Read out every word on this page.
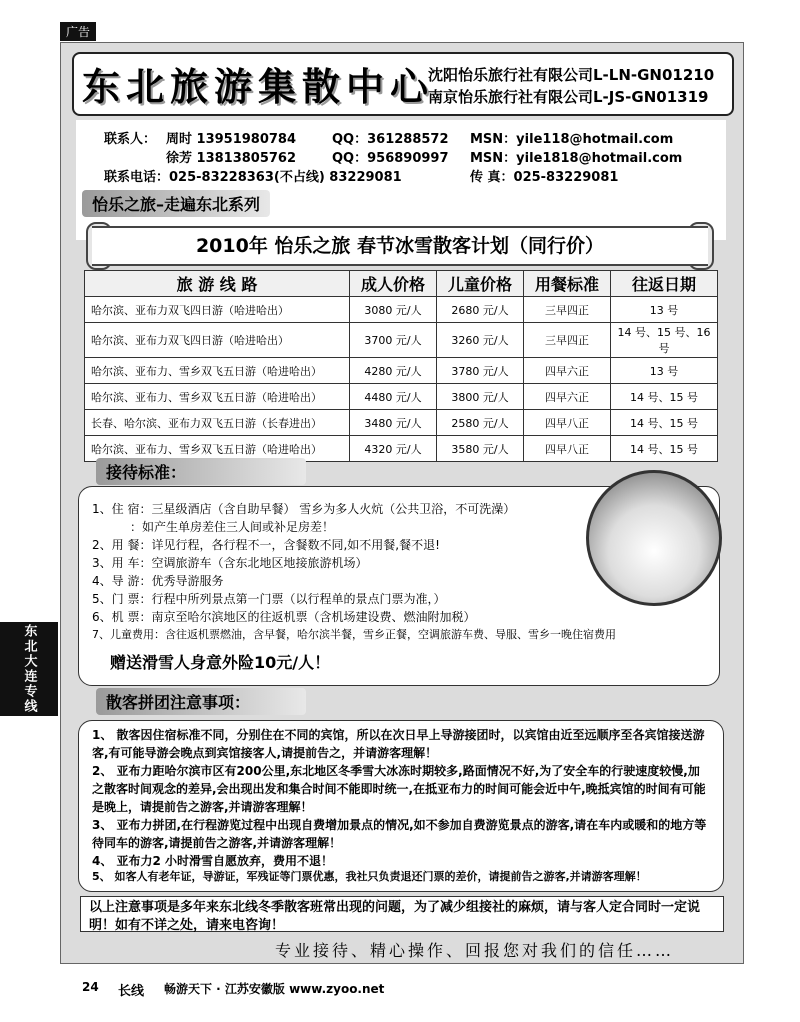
广告
东北旅游集散中心
沈阳怡乐旅行社有限公司L-LN-GN01210
南京怡乐旅行社有限公司L-JS-GN01319
联系人： 周时 13951980784
徐芳 13813805762
QQ：361288572
QQ：956890997
MSN：yile118@hotmail.com
MSN：yile1818@hotmail.com
联系电话：025-83228363(不占线) 83229081	传 真：025-83229081
怡乐之旅–走遍东北系列
2010年 怡乐之旅 春节冰雪散客计划（同行价）
旅 游 线 路	成人价格	儿童价格	用餐标准	往返日期
哈尔滨、亚布力双飞四日游（哈进哈出）	3080 元/人	2680 元/人	三早四正	13 号
哈尔滨、亚布力双飞四日游（哈进哈出）	3700 元/人	3260 元/人	三早四正	14 号、15 号、16 号
哈尔滨、亚布力、雪乡双飞五日游（哈进哈出）	4280 元/人	3780 元/人	四早六正	13 号
哈尔滨、亚布力、雪乡双飞五日游（哈进哈出）	4480 元/人	3800 元/人	四早六正	14 号、15 号
长春、哈尔滨、亚布力双飞五日游（长春进出）	3480 元/人	2580 元/人	四早八正	14 号、15 号
哈尔滨、亚布力、雪乡双飞五日游（哈进哈出）	4320 元/人	3580 元/人	四早八正	14 号、15 号
接待标准：
1、住 宿：三星级酒店（含自助早餐） 雪乡为多人火炕（公共卫浴，不可洗澡）
：如产生单房差住三人间或补足房差！
2、用 餐：详见行程，各行程不一，含餐数不同,如不用餐,餐不退!
3、用 车：空调旅游车（含东北地区地接旅游机场）
4、导 游：优秀导游服务
5、门 票：行程中所列景点第一门票（以行程单的景点门票为准，）
6、机 票：南京至哈尔滨地区的往返机票（含机场建设费、燃油附加税）
7、儿童费用：含往返机票燃油，含早餐，哈尔滨半餐，雪乡正餐，空调旅游车费、导服、雪乡一晚住宿费用
赠送滑雪人身意外险10元/人！
散客拼团注意事项：
1、 散客因住宿标准不同，分别住在不同的宾馆，所以在次日早上导游接团时，以宾馆由近至远顺序至各宾馆接送游客,有可能导游会晚点到宾馆接客人,请提前告之，并请游客理解！
2、 亚布力距哈尔滨市区有200公里,东北地区冬季雪大冰冻时期较多,路面情况不好,为了安全车的行驶速度较慢,加之散客时间观念的差异,会出现出发和集合时间不能即时统一,在抵亚布力的时间可能会近中午,晚抵宾馆的时间有可能是晚上，请提前告之游客,并请游客理解！
3、 亚布力拼团,在行程游览过程中出现自费增加景点的情况,如不参加自费游览景点的游客,请在车内或暖和的地方等待同车的游客,请提前告之游客,并请游客理解！
4、 亚布力2 小时滑雪自愿放弃，费用不退！
5、 如客人有老年证，导游证，军残证等门票优惠，我社只负责退还门票的差价，请提前告之游客,并请游客理解！
以上注意事项是多年来东北线冬季散客班常出现的问题，为了减少组接社的麻烦，请与客人定合同时一定说明！如有不详之处，请来电咨询！
专业接待、精心操作、回报您对我们的信任……
东北大连专线
24 长线 畅游天下 · 江苏安徽版 www.zyoo.net
